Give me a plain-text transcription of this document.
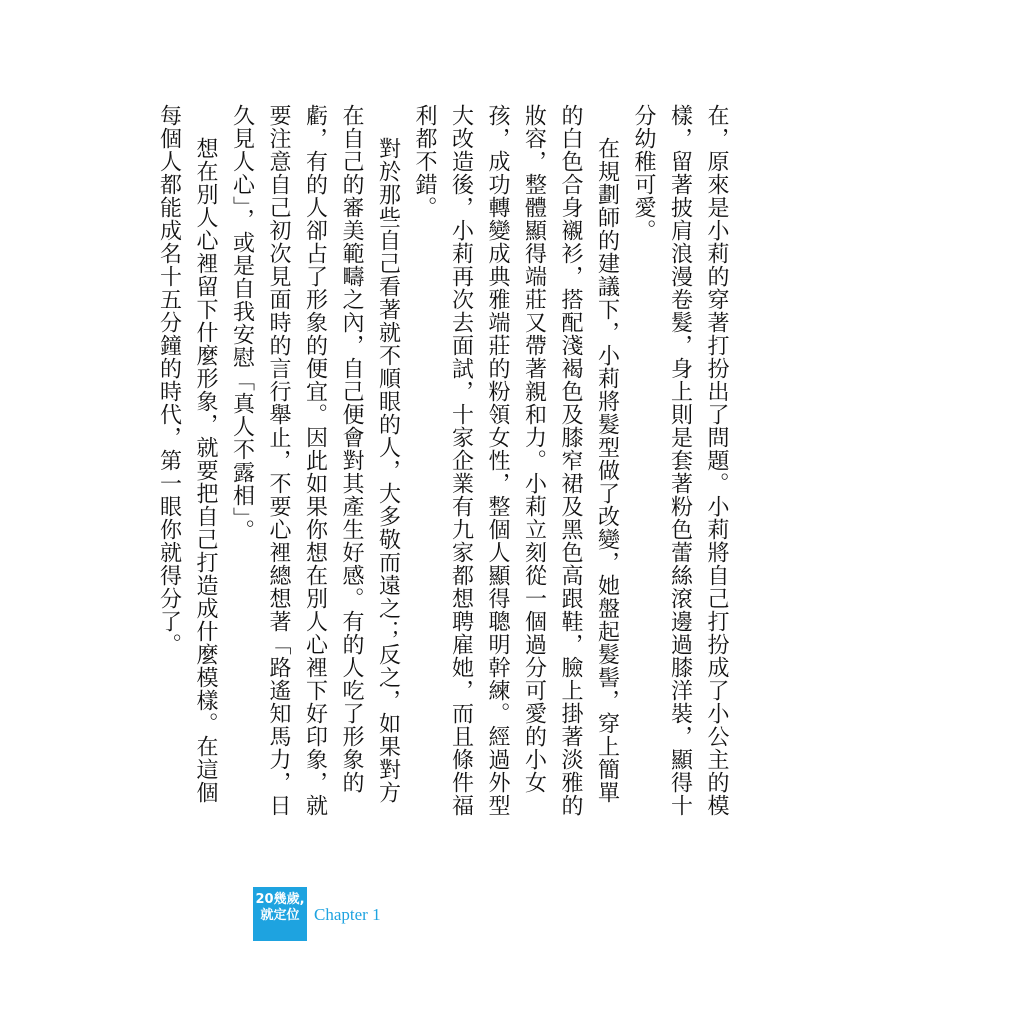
在，原來是小莉的穿著打扮出了問題。小莉將自己打扮成了小公主的模樣，留著披肩浪漫卷髮，身上則是套著粉色蕾絲滾邊過膝洋裝，顯得十分幼稚可愛。

在規劃師的建議下，小莉將髮型做了改變，她盤起髮髻，穿上簡單的白色合身襯衫，搭配淺褐色及膝窄裙及黑色高跟鞋，臉上掛著淡雅的妝容，整體顯得端莊又帶著親和力。小莉立刻從一個過分可愛的小女孩，成功轉變成典雅端莊的粉領女性，整個人顯得聰明幹練。經過外型大改造後，小莉再次去面試，十家企業有九家都想聘雇她，而且條件福利都不錯。

對於那些自己看著就不順眼的人，大多敬而遠之；反之，如果對方在自己的審美範疇之內，自己便會對其產生好感。有的人吃了形象的虧，有的人卻占了形象的便宜。因此如果你想在別人心裡下好印象，就要注意自己初次見面時的言行舉止，不要心裡總想著「路遙知馬力，日久見人心」，或是自我安慰「真人不露相」。

想在別人心裡留下什麼形象，就要把自己打造成什麼模樣。在這個每個人都能成名十五分鐘的時代，第一眼你就得分了。

20幾歲,
就定位 Chapter 1
